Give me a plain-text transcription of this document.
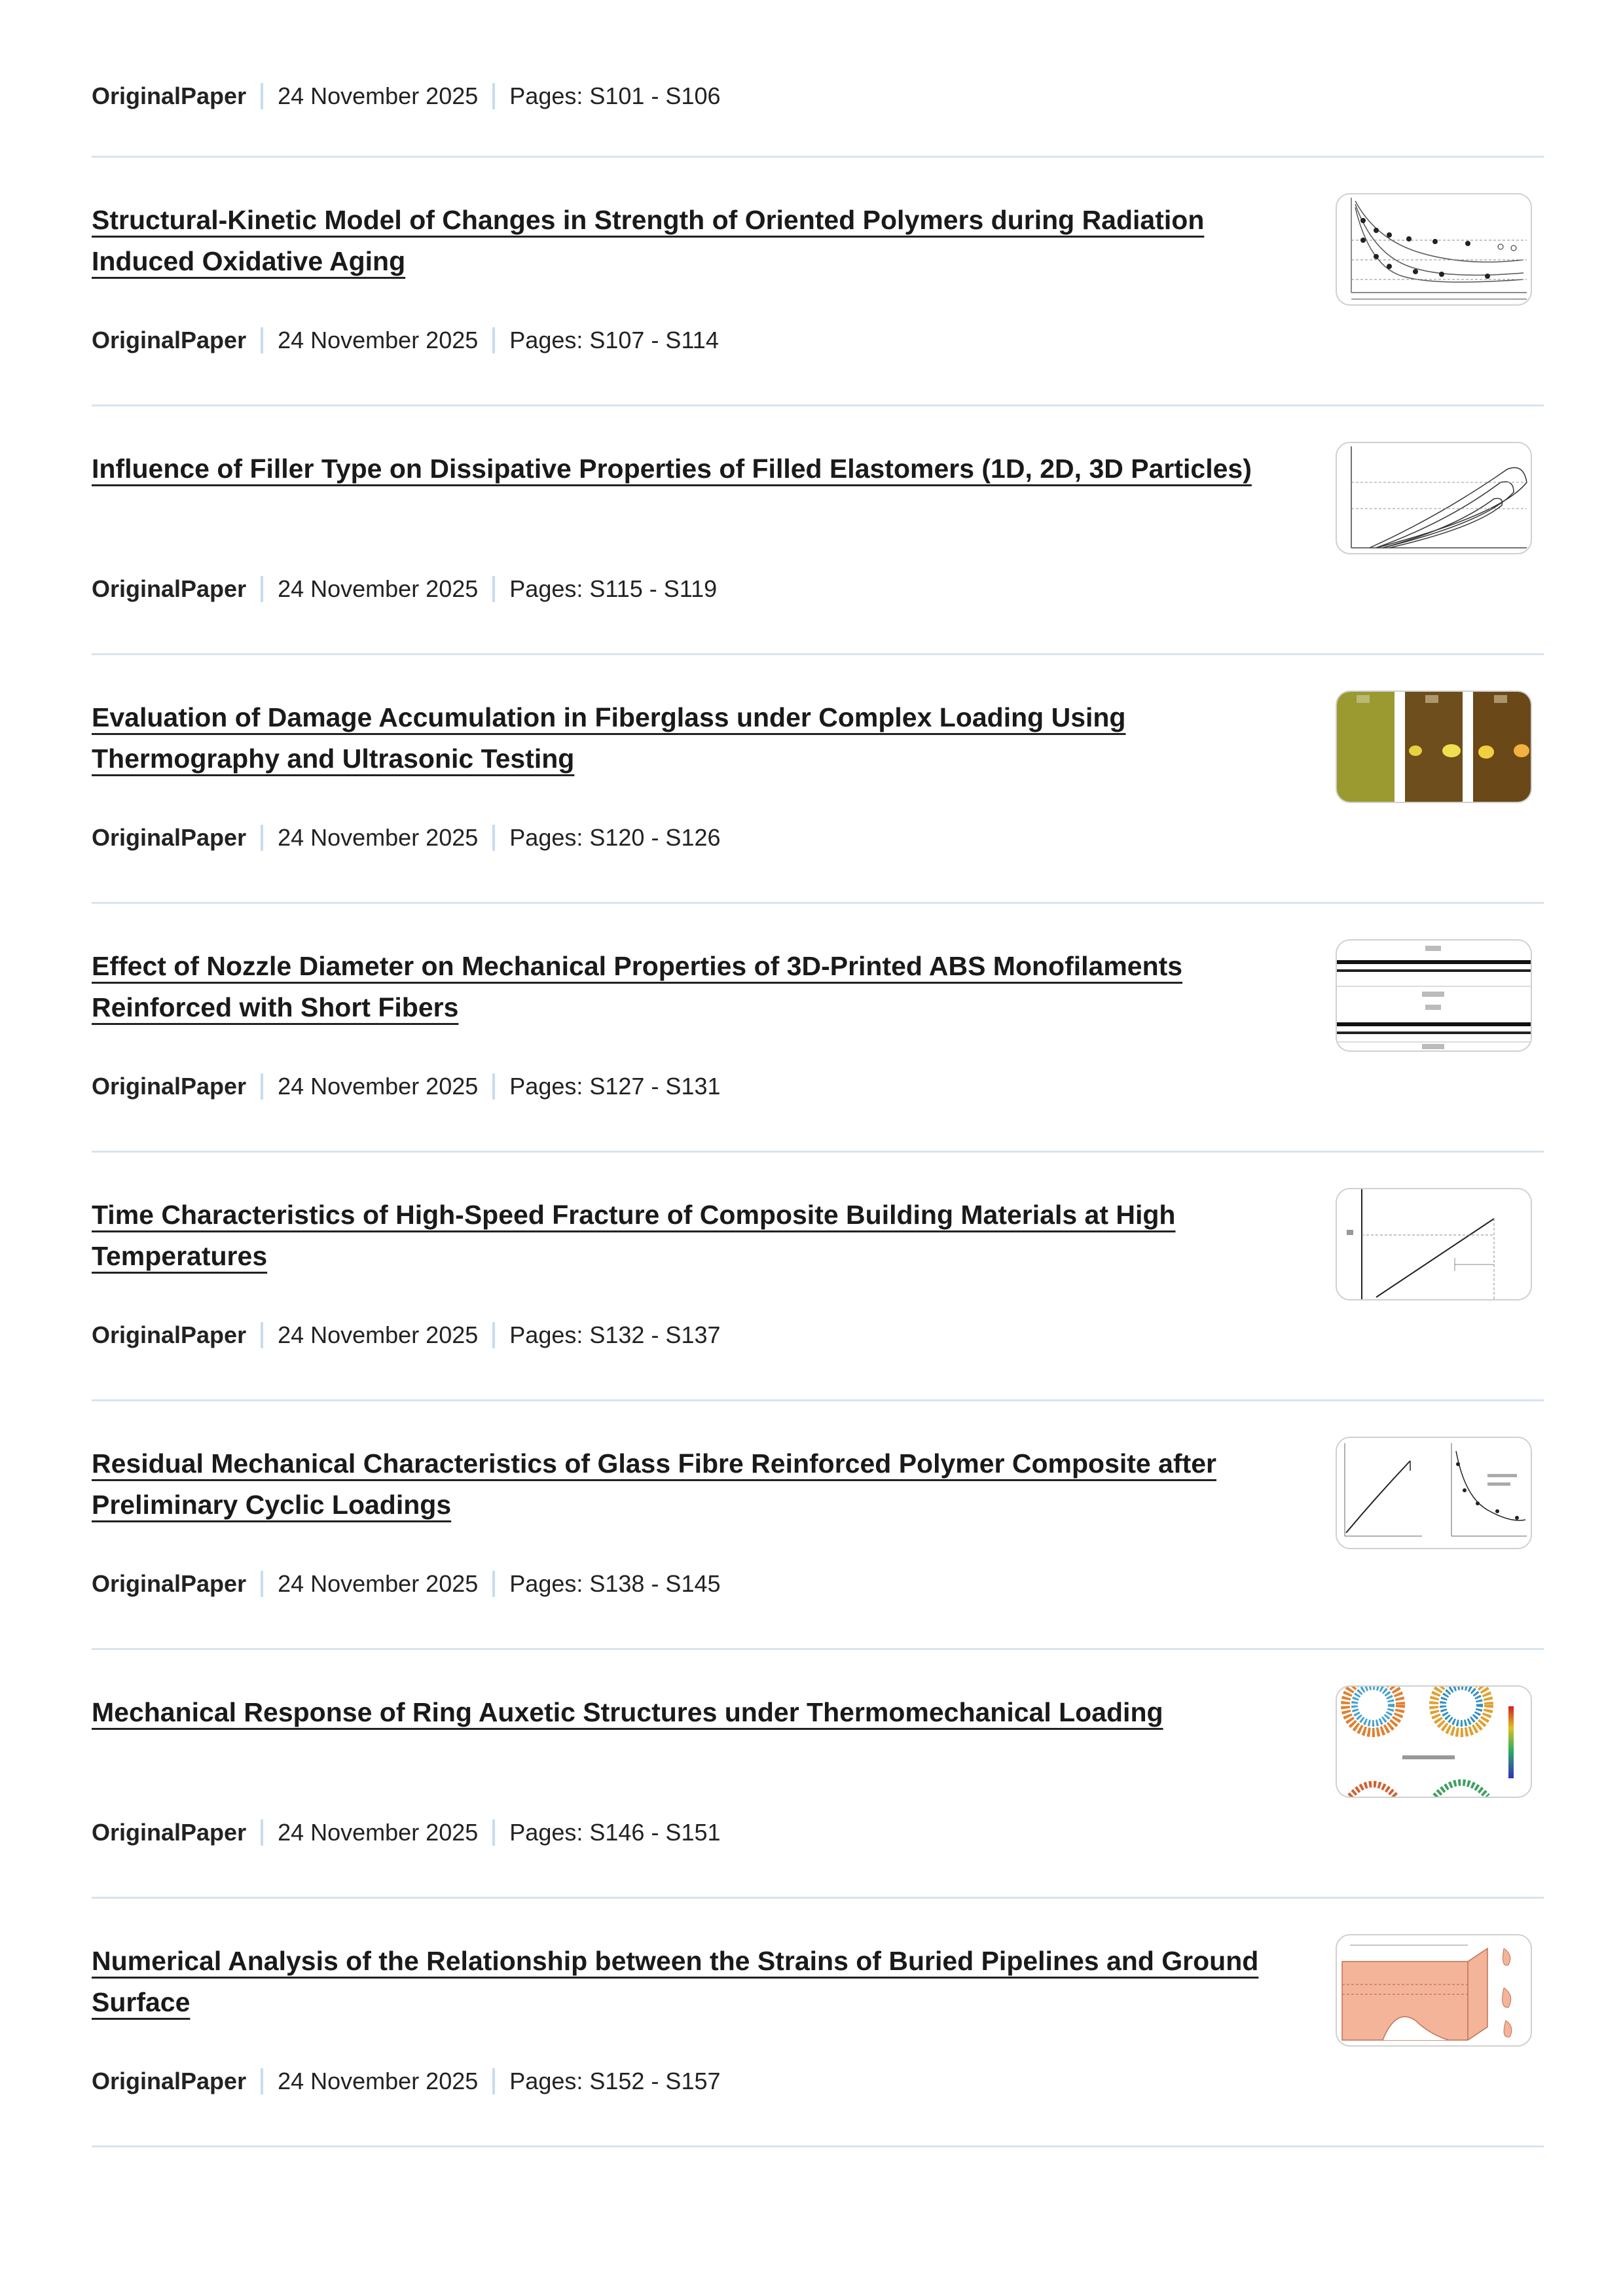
OriginalPaper 24 November 2025 Pages: S101 - S106
Structural-Kinetic Model of Changes in Strength of Oriented Polymers during Radiation Induced Oxidative Aging
OriginalPaper 24 November 2025 Pages: S107 - S114
Influence of Filler Type on Dissipative Properties of Filled Elastomers (1D, 2D, 3D Particles)
OriginalPaper 24 November 2025 Pages: S115 - S119
Evaluation of Damage Accumulation in Fiberglass under Complex Loading Using Thermography and Ultrasonic Testing
OriginalPaper 24 November 2025 Pages: S120 - S126
Effect of Nozzle Diameter on Mechanical Properties of 3D-Printed ABS Monofilaments Reinforced with Short Fibers
OriginalPaper 24 November 2025 Pages: S127 - S131
Time Characteristics of High-Speed Fracture of Composite Building Materials at High Temperatures
OriginalPaper 24 November 2025 Pages: S132 - S137
Residual Mechanical Characteristics of Glass Fibre Reinforced Polymer Composite after Preliminary Cyclic Loadings
OriginalPaper 24 November 2025 Pages: S138 - S145
Mechanical Response of Ring Auxetic Structures under Thermomechanical Loading
OriginalPaper 24 November 2025 Pages: S146 - S151
Numerical Analysis of the Relationship between the Strains of Buried Pipelines and Ground Surface
OriginalPaper 24 November 2025 Pages: S152 - S157
